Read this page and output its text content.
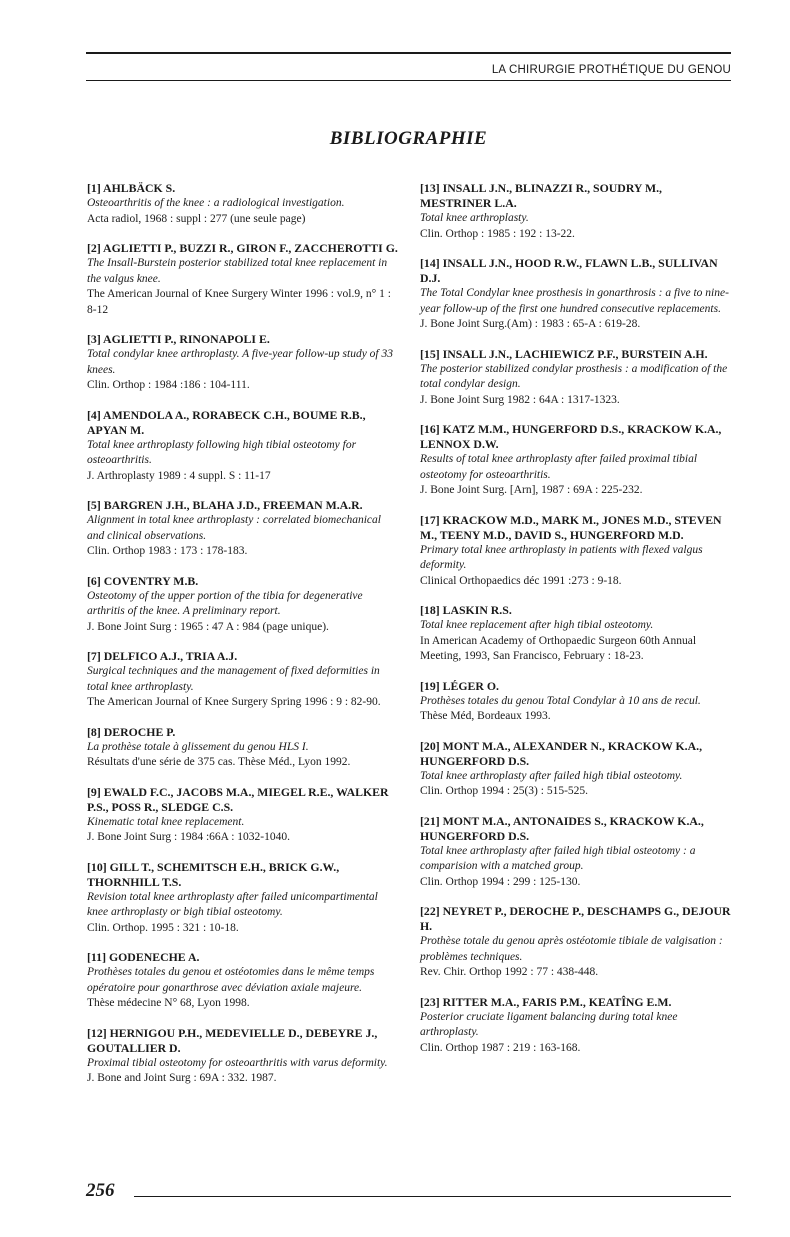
LA CHIRURGIE PROTHÉTIQUE DU GENOU
BIBLIOGRAPHIE

[1] AHLBÄCK S.
Osteoarthritis of the knee : a radiological investigation.
Acta radiol, 1968 : suppl : 277 (une seule page)

[2] AGLIETTI P., BUZZI R., GIRON F., ZACCHEROTTI G.
The Insall-Burstein posterior stabilized total knee replacement in the valgus knee.
The American Journal of Knee Surgery Winter 1996 : vol.9, n° 1 : 8-12

[3] AGLIETTI P., RINONAPOLI E.
Total condylar knee arthroplasty. A five-year follow-up study of 33 knees.
Clin. Orthop : 1984 :186 : 104-111.

[4] AMENDOLA A., RORABECK C.H., BOUME R.B., APYAN M.
Total knee arthroplasty following high tibial osteotomy for osteoarthritis.
J. Arthroplasty 1989 : 4 suppl. S : 11-17

[5] BARGREN J.H., BLAHA J.D., FREEMAN M.A.R.
Alignment in total knee arthroplasty : correlated biomechanical and clinical observations.
Clin. Orthop 1983 : 173 : 178-183.

[6] COVENTRY M.B.
Osteotomy of the upper portion of the tibia for degenerative arthritis of the knee. A preliminary report.
J. Bone Joint Surg : 1965 : 47 A : 984 (page unique).

[7] DELFICO A.J., TRIA A.J.
Surgical techniques and the management of fixed deformities in total knee arthroplasty.
The American Journal of Knee Surgery Spring 1996 : 9 : 82-90.

[8] DEROCHE P.
La prothèse totale à glissement du genou HLS I.
Résultats d'une série de 375 cas. Thèse Méd., Lyon 1992.

[9] EWALD F.C., JACOBS M.A., MIEGEL R.E., WALKER P.S., POSS R., SLEDGE C.S.
Kinematic total knee replacement.
J. Bone Joint Surg : 1984 :66A : 1032-1040.

[10] GILL T., SCHEMITSCH E.H., BRICK G.W., THORNHILL T.S.
Revision total knee arthroplasty after failed unicompartimental knee arthroplasty or bigh tibial osteotomy.
Clin. Orthop. 1995 : 321 : 10-18.

[11] GODENECHE A.
Prothèses totales du genou et ostéotomies dans le même temps opératoire pour gonarthrose avec déviation axiale majeure.
Thèse médecine N° 68, Lyon 1998.

[12] HERNIGOU P.H., MEDEVIELLE D., DEBEYRE J., GOUTALLIER D.
Proximal tibial osteotomy for osteoarthritis with varus deformity.
J. Bone and Joint Surg : 69A : 332. 1987.

[13] INSALL J.N., BLINAZZI R., SOUDRY M., MESTRINER L.A.
Total knee arthroplasty.
Clin. Orthop : 1985 : 192 : 13-22.

[14] INSALL J.N., HOOD R.W., FLAWN L.B., SULLIVAN D.J.
The Total Condylar knee prosthesis in gonarthrosis : a five to nine-year follow-up of the first one hundred consecutive replacements.
J. Bone Joint Surg.(Am) : 1983 : 65-A : 619-28.

[15] INSALL J.N., LACHIEWICZ P.F., BURSTEIN A.H.
The posterior stabilized condylar prosthesis : a modification of the total condylar design.
J. Bone Joint Surg 1982 : 64A : 1317-1323.

[16] KATZ M.M., HUNGERFORD D.S., KRACKOW K.A., LENNOX D.W.
Results of total knee arthroplasty after failed proximal tibial osteotomy for osteoarthritis.
J. Bone Joint Surg. [Arn], 1987 : 69A : 225-232.

[17] KRACKOW M.D., MARK M., JONES M.D., STEVEN M., TEENY M.D., DAVID S., HUNGERFORD M.D.
Primary total knee arthroplasty in patients with flexed valgus deformity.
Clinical Orthopaedics déc 1991 :273 : 9-18.

[18] LASKIN R.S.
Total knee replacement after high tibial osteotomy.
In American Academy of Orthopaedic Surgeon 60th Annual Meeting, 1993, San Francisco, February : 18-23.

[19] LÉGER O.
Prothèses totales du genou Total Condylar à 10 ans de recul.
Thèse Méd, Bordeaux 1993.

[20] MONT M.A., ALEXANDER N., KRACKOW K.A., HUNGERFORD D.S.
Total knee arthroplasty after failed high tibial osteotomy.
Clin. Orthop 1994 : 25(3) : 515-525.

[21] MONT M.A., ANTONAIDES S., KRACKOW K.A., HUNGERFORD D.S.
Total knee arthroplasty after failed high tibial osteotomy : a comparision with a matched group.
Clin. Orthop 1994 : 299 : 125-130.

[22] NEYRET P., DEROCHE P., DESCHAMPS G., DEJOUR H.
Prothèse totale du genou après ostéotomie tibiale de valgisation : problèmes techniques.
Rev. Chir. Orthop 1992 : 77 : 438-448.

[23] RITTER M.A., FARIS P.M., KEATÎNG E.M.
Posterior cruciate ligament balancing during total knee arthroplasty.
Clin. Orthop 1987 : 219 : 163-168.

256
